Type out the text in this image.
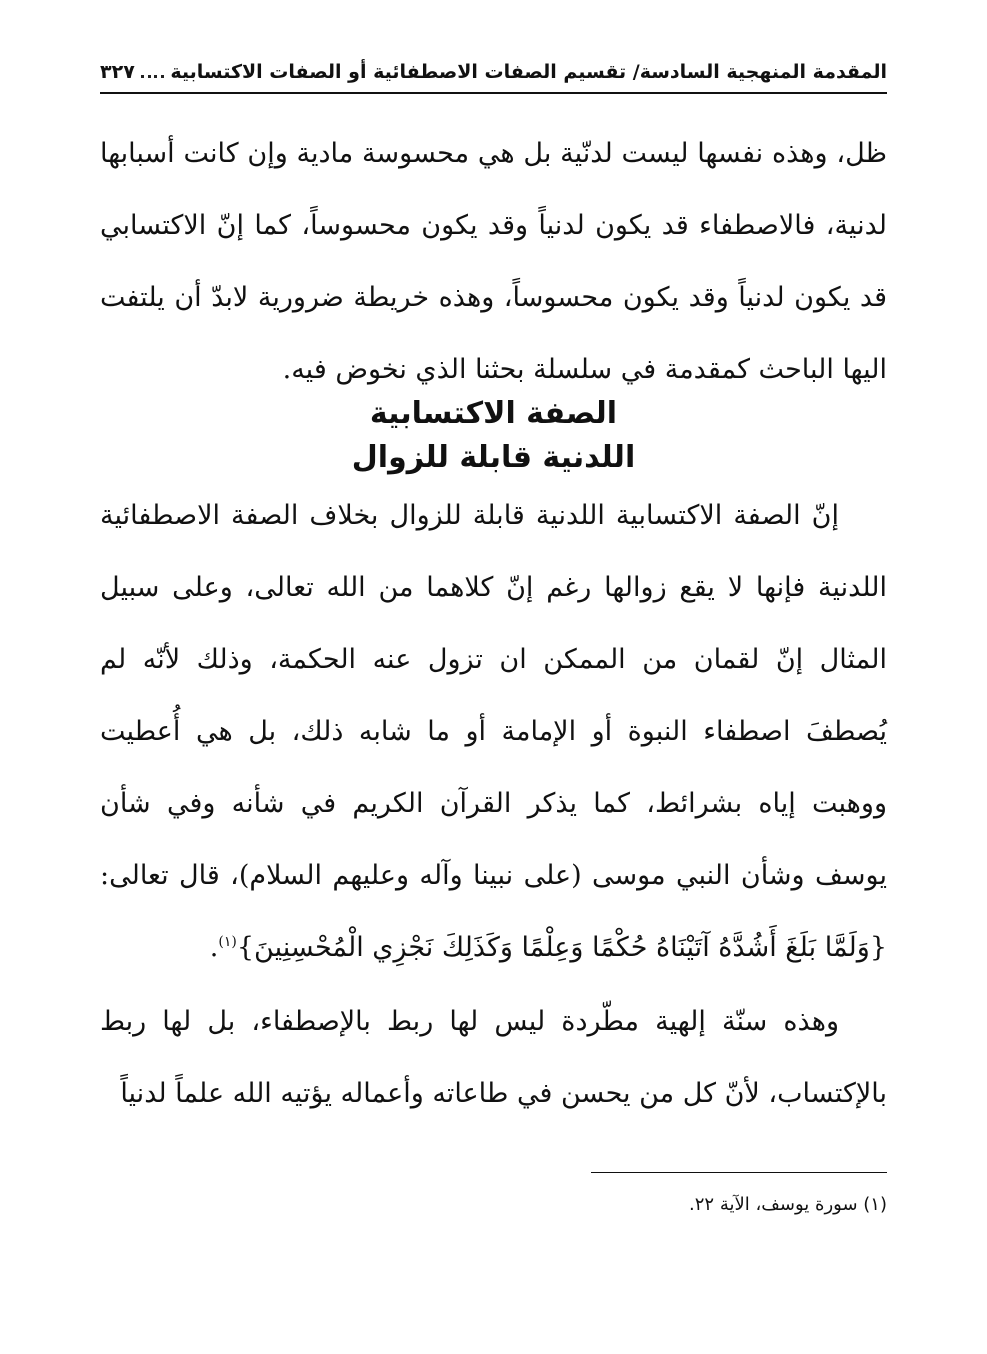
المقدمة المنهجية السادسة/ تقسيم الصفات الاصطفائية أو الصفات الاكتسابية
٣٢٧

ظل، وهذه نفسها ليست لدنّية بل هي محسوسة مادية وإن كانت أسبابها لدنية، فالاصطفاء قد يكون لدنياً وقد يكون محسوساً، كما إنّ الاكتسابي قد يكون لدنياً وقد يكون محسوساً، وهذه خريطة ضرورية لابدّ أن يلتفت اليها الباحث كمقدمة في سلسلة بحثنا الذي نخوض فيه.

الصفة الاكتسابية
اللدنية قابلة للزوال

إنّ الصفة الاكتسابية اللدنية قابلة للزوال بخلاف الصفة الاصطفائية اللدنية فإنها لا يقع زوالها رغم إنّ كلاهما من الله تعالى، وعلى سبيل المثال إنّ لقمان من الممكن ان تزول عنه الحكمة، وذلك لأنّه لم يُصطفَ اصطفاء النبوة أو الإمامة أو ما شابه ذلك، بل هي أُعطيت ووهبت إياه بشرائط، كما يذكر القرآن الكريم في شأنه وفي شأن يوسف وشأن النبي موسى (على نبينا وآله وعليهم السلام)، قال تعالى: {وَلَمَّا بَلَغَ أَشُدَّهُ آتَيْنَاهُ حُكْمًا وَعِلْمًا وَكَذَلِكَ نَجْزِي الْمُحْسِنِينَ}$^{(١)}$.

وهذه سنّة إلهية مطّردة ليس لها ربط بالإصطفاء، بل لها ربط بالإكتساب، لأنّ كل من يحسن في طاعاته وأعماله يؤتيه الله علماً لدنياً

(١) سورة يوسف، الآية ٢٢.
